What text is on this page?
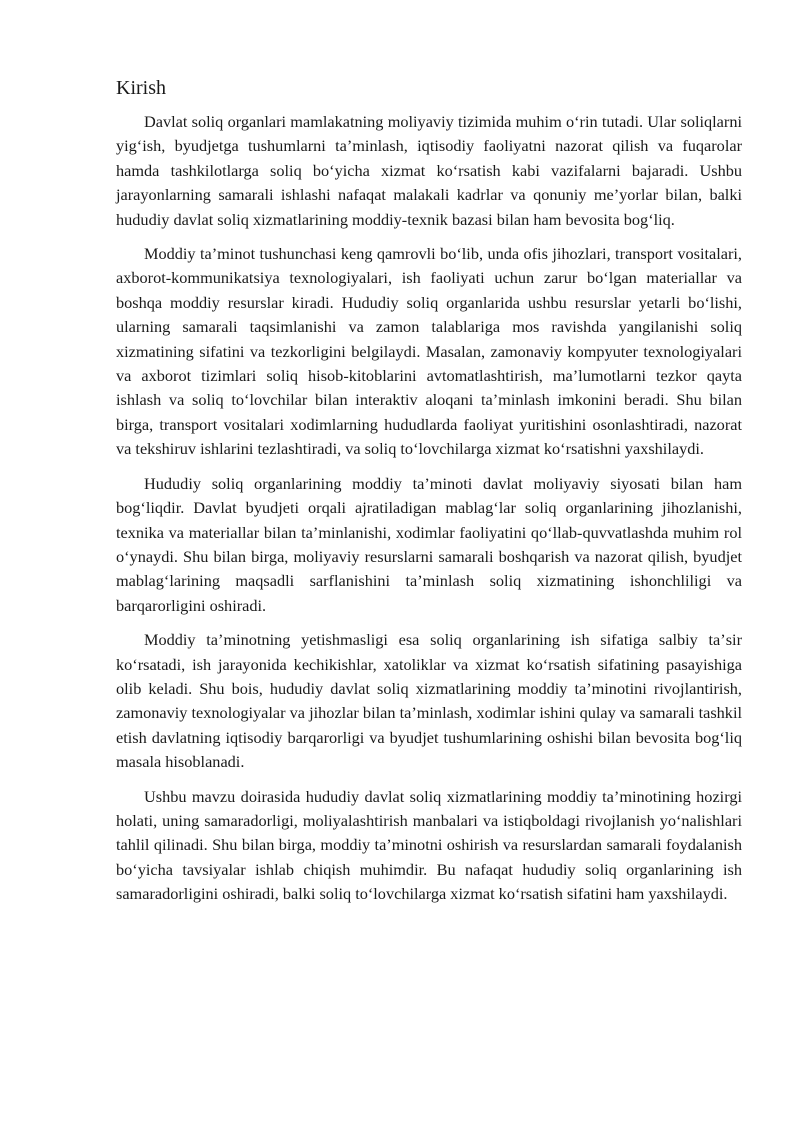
Kirish

Davlat soliq organlari mamlakatning moliyaviy tizimida muhim oʻrin tutadi. Ular soliqlarni yigʻish, byudjetga tushumlarni taʼminlash, iqtisodiy faoliyatni nazorat qilish va fuqarolar hamda tashkilotlarga soliq boʻyicha xizmat koʻrsatish kabi vazifalarni bajaradi. Ushbu jarayonlarning samarali ishlashi nafaqat malakali kadrlar va qonuniy meʼyorlar bilan, balki hududiy davlat soliq xizmatlarining moddiy-texnik bazasi bilan ham bevosita bogʻliq.

Moddiy taʼminot tushunchasi keng qamrovli boʻlib, unda ofis jihozlari, transport vositalari, axborot-kommunikatsiya texnologiyalari, ish faoliyati uchun zarur boʻlgan materiallar va boshqa moddiy resurslar kiradi. Hududiy soliq organlarida ushbu resurslar yetarli boʻlishi, ularning samarali taqsimlanishi va zamon talablariga mos ravishda yangilanishi soliq xizmatining sifatini va tezkorligini belgilaydi. Masalan, zamonaviy kompyuter texnologiyalari va axborot tizimlari soliq hisob-kitoblarini avtomatlashtirish, maʼlumotlarni tezkor qayta ishlash va soliq toʻlovchilar bilan interaktiv aloqani taʼminlash imkonini beradi. Shu bilan birga, transport vositalari xodimlarning hududlarda faoliyat yuritishini osonlashtiradi, nazorat va tekshiruv ishlarini tezlashtiradi, va soliq toʻlovchilarga xizmat koʻrsatishni yaxshilaydi.

Hududiy soliq organlarining moddiy taʼminoti davlat moliyaviy siyosati bilan ham bogʻliqdir. Davlat byudjeti orqali ajratiladigan mablagʻlar soliq organlarining jihozlanishi, texnika va materiallar bilan taʼminlanishi, xodimlar faoliyatini qoʻllab-quvvatlashda muhim rol oʻynaydi. Shu bilan birga, moliyaviy resurslarni samarali boshqarish va nazorat qilish, byudjet mablagʻlarining maqsadli sarflanishini taʼminlash soliq xizmatining ishonchliligi va barqarorligini oshiradi.

Moddiy taʼminotning yetishmasligi esa soliq organlarining ish sifatiga salbiy taʼsir koʻrsatadi, ish jarayonida kechikishlar, xatoliklar va xizmat koʻrsatish sifatining pasayishiga olib keladi. Shu bois, hududiy davlat soliq xizmatlarining moddiy taʼminotini rivojlantirish, zamonaviy texnologiyalar va jihozlar bilan taʼminlash, xodimlar ishini qulay va samarali tashkil etish davlatning iqtisodiy barqarorligi va byudjet tushumlarining oshishi bilan bevosita bogʻliq masala hisoblanadi.

Ushbu mavzu doirasida hududiy davlat soliq xizmatlarining moddiy taʼminotining hozirgi holati, uning samaradorligi, moliyalashtirish manbalari va istiqboldagi rivojlanish yoʻnalishlari tahlil qilinadi. Shu bilan birga, moddiy taʼminotni oshirish va resurslardan samarali foydalanish boʻyicha tavsiyalar ishlab chiqish muhimdir. Bu nafaqat hududiy soliq organlarining ish samaradorligini oshiradi, balki soliq toʻlovchilarga xizmat koʻrsatish sifatini ham yaxshilaydi.
